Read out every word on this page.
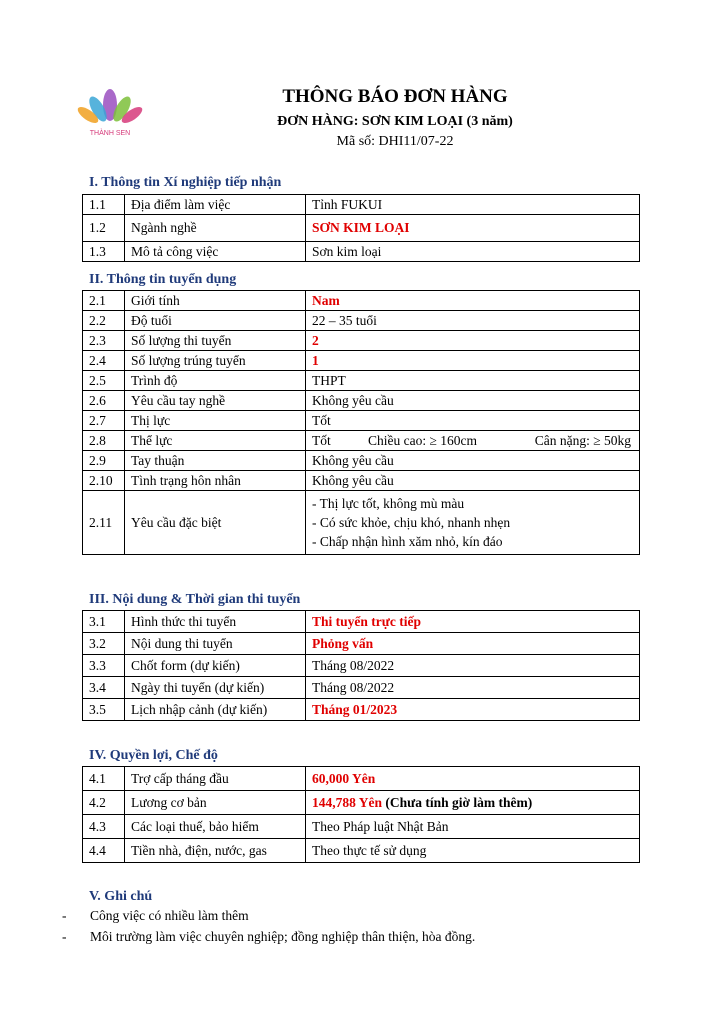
THÀNH SEN
THÔNG BÁO ĐƠN HÀNG
ĐƠN HÀNG: SƠN KIM LOẠI (3 năm)
Mã số: DHI11/07-22
I. Thông tin Xí nghiệp tiếp nhận
1.1	Địa điểm làm việc	Tỉnh FUKUI
1.2	Ngành nghề	SƠN KIM LOẠI
1.3	Mô tả công việc	Sơn kim loại
II. Thông tin tuyển dụng
2.1	Giới tính	Nam
2.2	Độ tuổi	22 – 35 tuổi
2.3	Số lượng thi tuyển	2
2.4	Số lượng trúng tuyển	1
2.5	Trình độ	THPT
2.6	Yêu cầu tay nghề	Không yêu cầu
2.7	Thị lực	Tốt
2.8	Thể lực	Tốt Chiều cao: ≥ 160cm Cân nặng: ≥ 50kg

2.9	Tay thuận	Không yêu cầu
2.10	Tình trạng hôn nhân	Không yêu cầu
2.11	Yêu cầu đặc biệt	- Thị lực tốt, không mù màu
- Có sức khỏe, chịu khó, nhanh nhẹn
- Chấp nhận hình xăm nhỏ, kín đáo
III. Nội dung & Thời gian thi tuyển
3.1	Hình thức thi tuyển	Thi tuyển trực tiếp
3.2	Nội dung thi tuyển	Phỏng vấn
3.3	Chốt form (dự kiến)	Tháng 08/2022
3.4	Ngày thi tuyển (dự kiến)	Tháng 08/2022
3.5	Lịch nhập cảnh (dự kiến)	Tháng 01/2023
IV. Quyền lợi, Chế độ
4.1	Trợ cấp tháng đầu	60,000 Yên
4.2	Lương cơ bản	144,788 Yên (Chưa tính giờ làm thêm)
4.3	Các loại thuế, bảo hiểm	Theo Pháp luật Nhật Bản
4.4	Tiền nhà, điện, nước, gas	Theo thực tế sử dụng
V. Ghi chú
- Công việc có nhiều làm thêm
- Môi trường làm việc chuyên nghiệp; đồng nghiệp thân thiện, hòa đồng.
